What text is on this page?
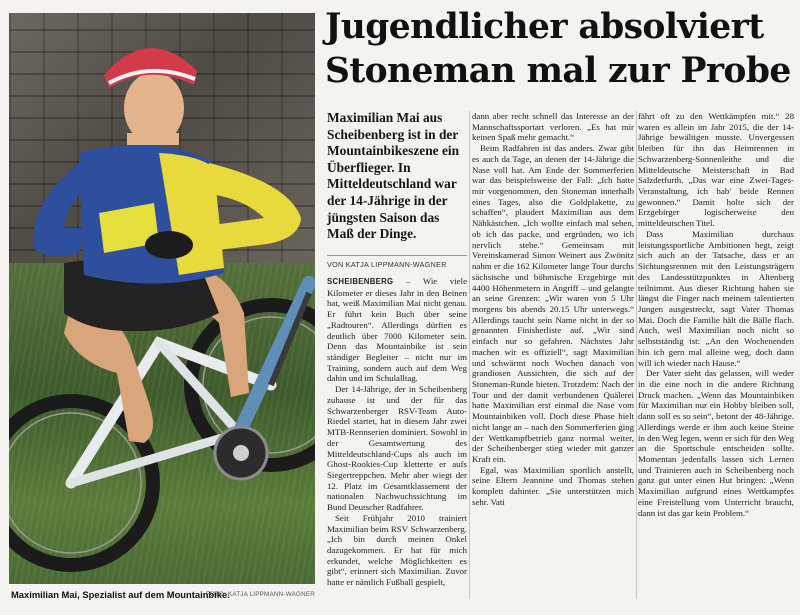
Maximilian Mai, Spezialist auf dem Mountainbike.
FOTO: KATJA LIPPMANN-WAGNER
Jugendlicher absolviert
Stoneman mal zur Probe
Maximilian Mai aus Scheibenberg ist in der Mountainbikeszene ein Überflieger. In Mitteldeutschland war der 14-Jährige in der jüngsten Saison das Maß der Dinge.
VON KATJA LIPPMANN-WAGNER

SCHEIBENBERG – Wie viele Kilometer er dieses Jahr in den Beinen hat, weiß Maximilian Mai nicht genau. Er führt kein Buch über seine „Radtouren“. Allerdings dürften es deutlich über 7000 Kilometer sein. Denn das Mountainbike ist sein ständiger Begleiter – nicht nur im Training, sondern auch auf dem Weg dahin und im Schulalltag.

Der 14-Jährige, der in Scheibenberg zuhause ist und der für das Schwarzenberger RSV-Team Auto-Riedel startet, hat in diesem Jahr zwei MTB-Rennserien dominiert. Sowohl in der Gesamtwertung des Mitteldeutschland-Cups als auch im Ghost-Rookies-Cup kletterte er aufs Siegertreppchen. Mehr aber wiegt der 12. Platz im Gesamtklassement der nationalen Nachwuchssichtung im Bund Deutscher Radfahrer.

Seit Frühjahr 2010 trainiert Maximilian beim RSV Schwarzenberg. „Ich bin durch meinen Onkel dazugekommen. Er hat für mich erkundet, welche Möglichkeiten es gibt“, erinnert sich Maximilian. Zuvor hatte er nämlich Fußball gespielt,

dann aber recht schnell das Interesse an der Mannschaftssportart verloren. „Es hat mir keinen Spaß mehr gemacht.“

Beim Radfahren ist das anders. Zwar gibt es auch da Tage, an denen der 14-Jährige die Nase voll hat. Am Ende der Sommerferien war das beispielsweise der Fall: „Ich hatte mir vorgenommen, den Stoneman innerhalb eines Tages, also die Goldplakette, zu schaffen“, plaudert Maximilian aus dem Nähkästchen. „Ich wollte einfach mal sehen, ob ich das packe, und ergründen, wo ich nervlich stehe.“ Gemeinsam mit Vereinskamerad Simon Weinert aus Zwönitz nahm er die 162 Kilometer lange Tour durchs sächsische und böhmische Erzgebirge mit 4400 Höhenmetern in Angriff – und gelangte an seine Grenzen: „Wir waren von 5 Uhr morgens bis abends 20.15 Uhr unterwegs.“ Allerdings taucht sein Name nicht in der so genannten Finisherliste auf. „Wir sind einfach nur so gefahren. Nächstes Jahr machen wir es offiziell“, sagt Maximilian und schwärmt noch Wochen danach von grandiosen Aussichten, die sich auf der Stoneman-Runde bieten. Trotzdem: Nach der Tour und der damit verbundenen Quälerei hatte Maximilian erst einmal die Nase vom Mountainbiken voll. Doch diese Phase hielt nicht lange an – nach den Sommerferien ging der Wettkampfbetrieb ganz normal weiter, der Scheibenberger stieg wieder mit ganzer Kraft ein.

Egal, was Maximilian sportlich anstellt, seine Eltern Jeannine und Thomas stehen komplett dahinter. „Sie unterstützen mich sehr. Vati

fährt oft zu den Wettkämpfen mit.“ 28 waren es allein im Jahr 2015, die der 14-Jährige bewältigen musste. Unvergessen bleiben für ihn das Heimrennen in Schwarzenberg-Sonnenleithe und die Mitteldeutsche Meisterschaft in Bad Salzdetfurth. „Das war eine Zwei-Tages-Veranstaltung, ich hab' beide Rennen gewonnen.“ Damit holte sich der Erzgebirger logischerweise den mitteldeutschen Titel.

Dass Maximilian durchaus leistungssportliche Ambitionen hegt, zeigt sich auch an der Tatsache, dass er an Sichtungsrennen mit den Leistungsträgern des Landesstützpunktes in Altenberg teilnimmt. Aus dieser Richtung haben sie längst die Finger nach meinem talentierten Jungen ausgestreckt, sagt Vater Thomas Mai. Doch die Familie hält die Bälle flach. Auch, weil Maximilian noch nicht so selbstständig ist: „An den Wochenenden bin ich gern mal alleine weg, doch dann will ich wieder nach Hause.“

Der Vater sieht das gelassen, will weder in die eine noch in die andere Richtung Druck machen. „Wenn das Mountainbiken für Maximilian nur ein Hobby bleiben soll, dann soll es so sein“, betont der 48-Jährige. Allerdings werde er ihm auch keine Steine in den Weg legen, wenn er sich für den Weg an die Sportschule entscheiden sollte. Momentan jedenfalls lassen sich Lernen und Trainieren auch in Scheibenberg noch ganz gut unter einen Hut bringen: „Wenn Maximilian aufgrund eines Wettkampfes eine Freistellung vom Unterricht braucht, dann ist das gar kein Problem.“
